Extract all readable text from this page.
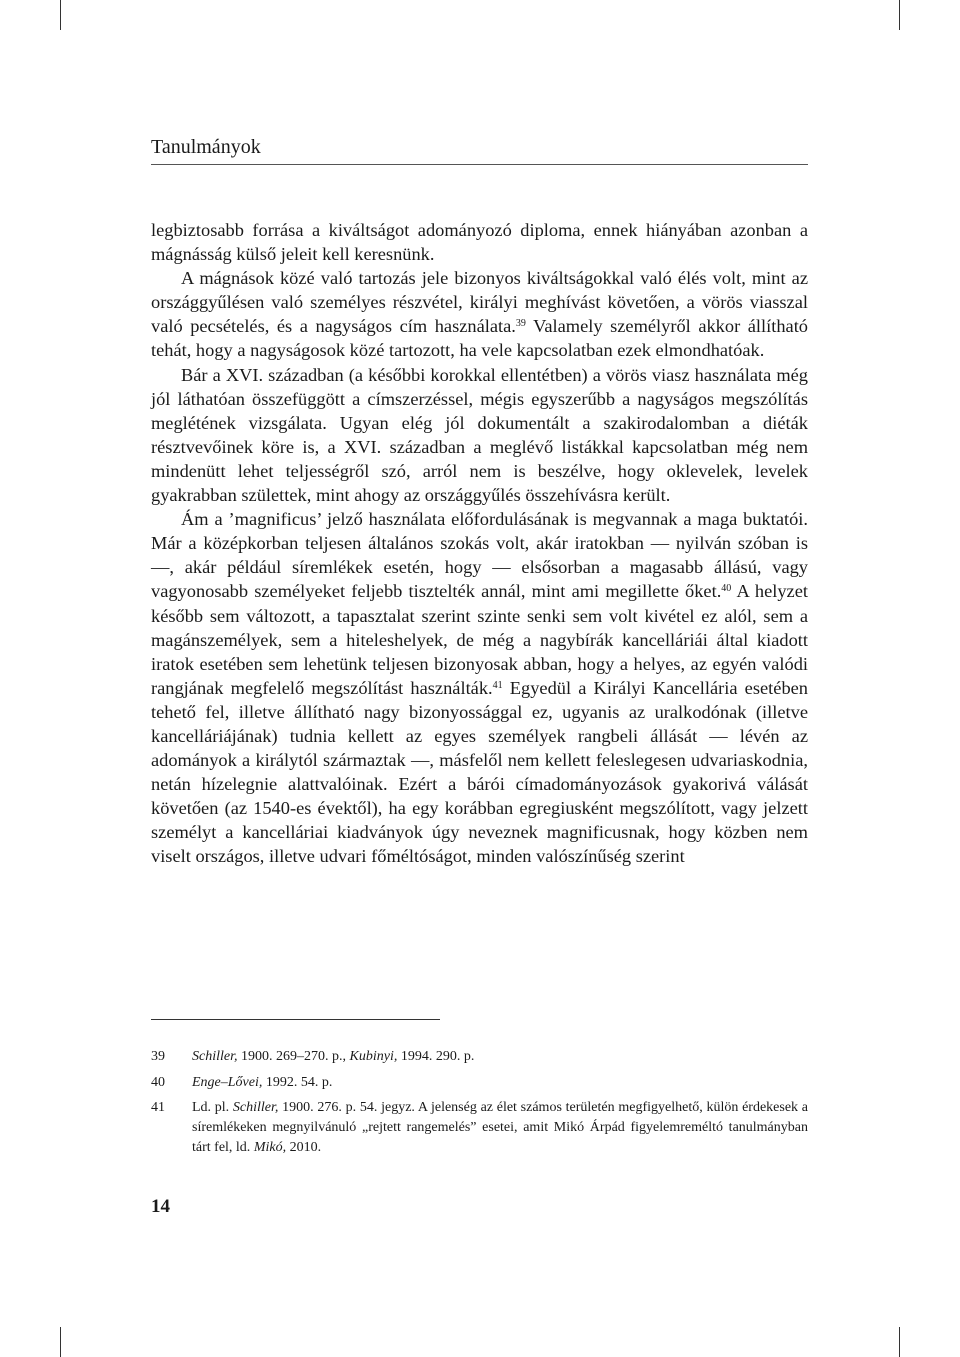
Tanulmányok

legbiztosabb forrása a kiváltságot adományozó diploma, ennek hiányában azonban a mágnásság külső jeleit kell keresnünk.

A mágnások közé való tartozás jele bizonyos kiváltságokkal való élés volt, mint az országgyűlésen való személyes részvétel, királyi meghívást követően, a vörös viasszal való pecsételés, és a nagyságos cím használata.$^{39}$ Valamely személyről akkor állítható tehát, hogy a nagyságosok közé tartozott, ha vele kapcsolatban ezek elmondhatóak.

Bár a XVI. században (a későbbi korokkal ellentétben) a vörös viasz használata még jól láthatóan összefüggött a címszerzéssel, mégis egyszerűbb a nagyságos megszólítás meglétének vizsgálata. Ugyan elég jól dokumentált a szakirodalomban a diéták résztvevőinek köre is, a XVI. században a meglévő listákkal kapcsolatban még nem mindenütt lehet teljességről szó, arról nem is beszélve, hogy oklevelek, levelek gyakrabban születtek, mint ahogy az országgyűlés összehívásra került.

Ám a ’magnificus’ jelző használata előfordulásának is megvannak a maga buktatói. Már a középkorban teljesen általános szokás volt, akár iratokban — nyilván szóban is —, akár például síremlékek esetén, hogy — elsősorban a magasabb állású, vagy vagyonosabb személyeket feljebb tisztelték annál, mint ami megillette őket.$^{40}$ A helyzet később sem változott, a tapasztalat szerint szinte senki sem volt kivétel ez alól, sem a magánszemélyek, sem a hiteleshelyek, de még a nagybírák kancelláriái által kiadott iratok esetében sem lehetünk teljesen bizonyosak abban, hogy a helyes, az egyén valódi rangjának megfelelő megszólítást használták.$^{41}$ Egyedül a Királyi Kancellária esetében tehető fel, illetve állítható nagy bizonyossággal ez, ugyanis az uralkodónak (illetve kancelláriájának) tudnia kellett az egyes személyek rangbeli állását — lévén az adományok a királytól származtak —, másfelől nem kellett feleslegesen udvariaskodnia, netán hízelegnie alattvalóinak. Ezért a bárói címadományozások gyakorivá válását követően (az 1540-es évektől), ha egy korábban egregiusként megszólított, vagy jelzett személyt a kancelláriai kiadványok úgy neveznek magnificusnak, hogy közben nem viselt országos, illetve udvari főméltóságot, minden valószínűség szerint

39 Schiller, 1900. 269–270. p., Kubinyi, 1994. 290. p.
40 Enge–Lővei, 1992. 54. p.
41 Ld. pl. Schiller, 1900. 276. p. 54. jegyz. A jelenség az élet számos területén megfigyelhető, külön érdekesek a síremlékeken megnyilvánuló „rejtett rangemelés” esetei, amit Mikó Árpád figyelemreméltó tanulmányban tárt fel, ld. Mikó, 2010.
14
